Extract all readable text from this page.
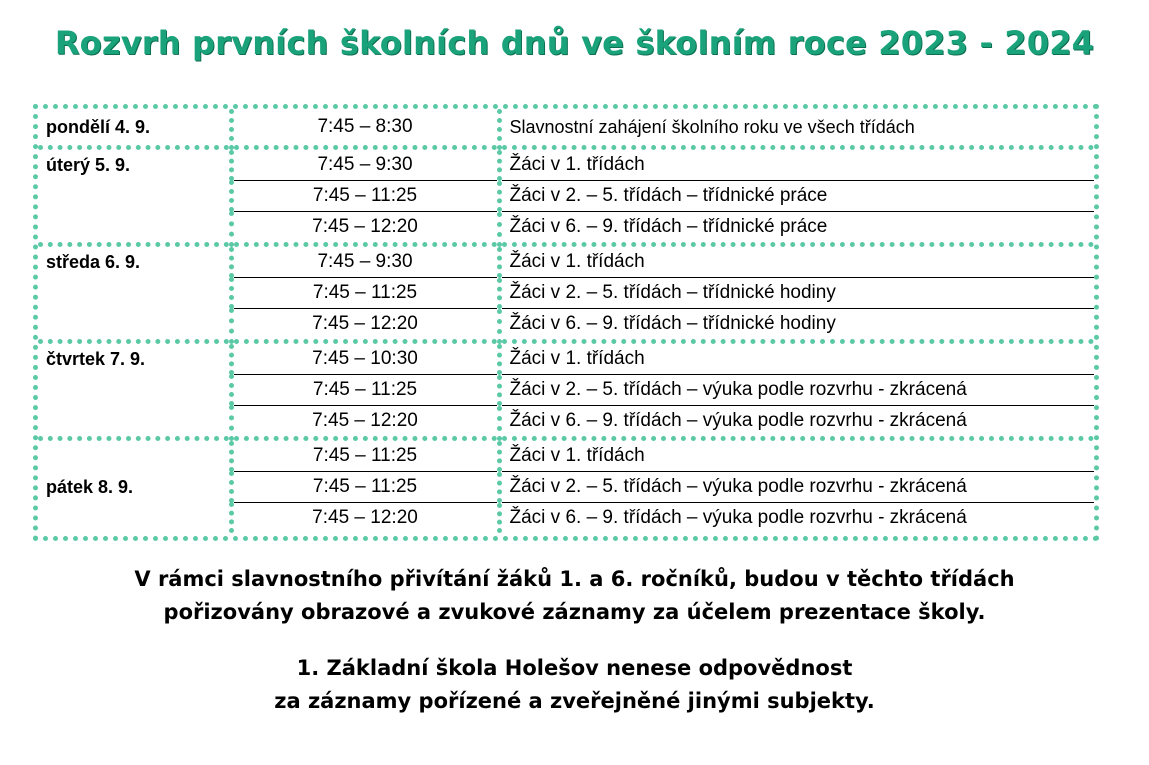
Rozvrh prvních školních dnů ve školním roce 2023 - 2024
pondělí 4. 9.	7:45 – 8:30	Slavnostní zahájení školního roku ve všech třídách
úterý 5. 9.	7:45 – 9:30	Žáci v 1. třídách
	7:45 – 11:25	Žáci v 2. – 5. třídách – třídnické práce
	7:45 – 12:20	Žáci v 6. – 9. třídách – třídnické práce
středa 6. 9.	7:45 – 9:30	Žáci v 1. třídách
	7:45 – 11:25	Žáci v 2. – 5. třídách – třídnické hodiny
	7:45 – 12:20	Žáci v 6. – 9. třídách – třídnické hodiny
čtvrtek 7. 9.	7:45 – 10:30	Žáci v 1. třídách
	7:45 – 11:25	Žáci v 2. – 5. třídách – výuka podle rozvrhu - zkrácená
	7:45 – 12:20	Žáci v 6. – 9. třídách – výuka podle rozvrhu - zkrácená
pátek 8. 9.	7:45 – 11:25	Žáci v 1. třídách
	7:45 – 11:25	Žáci v 2. – 5. třídách – výuka podle rozvrhu - zkrácená
	7:45 – 12:20	Žáci v 6. – 9. třídách – výuka podle rozvrhu - zkrácená
V rámci slavnostního přivítání žáků 1. a 6. ročníků, budou v těchto třídách
pořizovány obrazové a zvukové záznamy za účelem prezentace školy.
1. Základní škola Holešov nenese odpovědnost
za záznamy pořízené a zveřejněné jinými subjekty.
